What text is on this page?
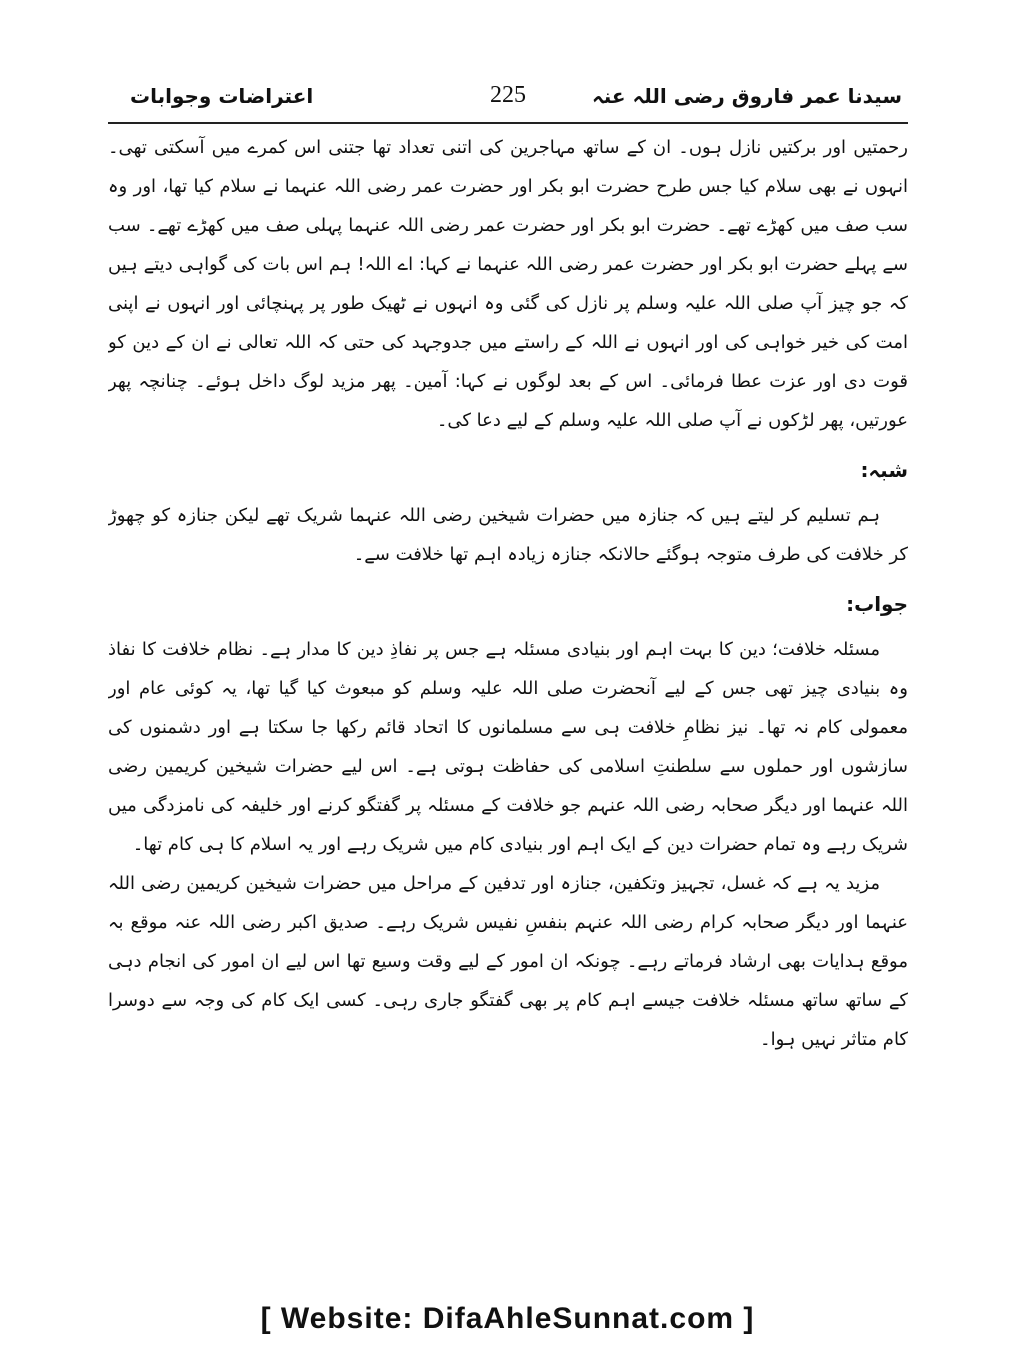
سیدنا عمر فاروق رضی اللہ عنہ
225
اعتراضات وجوابات

رحمتیں اور برکتیں نازل ہوں۔ ان کے ساتھ مہاجرین کی اتنی تعداد تھا جتنی اس کمرے میں آسکتی تھی۔ انہوں نے بھی سلام کیا جس طرح حضرت ابو بکر اور حضرت عمر رضی اللہ عنہما نے سلام کیا تھا، اور وہ سب صف میں کھڑے تھے۔ حضرت ابو بکر اور حضرت عمر رضی اللہ عنہما پہلی صف میں کھڑے تھے۔ سب سے پہلے حضرت ابو بکر اور حضرت عمر رضی اللہ عنہما نے کہا: اے اللہ! ہم اس بات کی گواہی دیتے ہیں کہ جو چیز آپ صلی اللہ علیہ وسلم پر نازل کی گئی وہ انہوں نے ٹھیک طور پر پہنچائی اور انہوں نے اپنی امت کی خیر خواہی کی اور انہوں نے اللہ کے راستے میں جدوجہد کی حتی کہ اللہ تعالی نے ان کے دین کو قوت دی اور عزت عطا فرمائی۔ اس کے بعد لوگوں نے کہا: آمین۔ پھر مزید لوگ داخل ہوئے۔ چنانچہ پھر عورتیں، پھر لڑکوں نے آپ صلی اللہ علیہ وسلم کے لیے دعا کی۔

شبہ:

ہم تسلیم کر لیتے ہیں کہ جنازہ میں حضرات شیخین رضی اللہ عنہما شریک تھے لیکن جنازہ کو چھوڑ کر خلافت کی طرف متوجہ ہوگئے حالانکہ جنازہ زیادہ اہم تھا خلافت سے۔

جواب:

مسئلہ خلافت؛ دین کا بہت اہم اور بنیادی مسئلہ ہے جس پر نفاذِ دین کا مدار ہے۔ نظام خلافت کا نفاذ وہ بنیادی چیز تھی جس کے لیے آنحضرت صلی اللہ علیہ وسلم کو مبعوث کیا گیا تھا، یہ کوئی عام اور معمولی کام نہ تھا۔ نیز نظامِ خلافت ہی سے مسلمانوں کا اتحاد قائم رکھا جا سکتا ہے اور دشمنوں کی سازشوں اور حملوں سے سلطنتِ اسلامی کی حفاظت ہوتی ہے۔ اس لیے حضرات شیخین کریمین رضی اللہ عنہما اور دیگر صحابہ رضی اللہ عنہم جو خلافت کے مسئلہ پر گفتگو کرنے اور خلیفہ کی نامزدگی میں شریک رہے وہ تمام حضرات دین کے ایک اہم اور بنیادی کام میں شریک رہے اور یہ اسلام کا ہی کام تھا۔

مزید یہ ہے کہ غسل، تجہیز وتکفین، جنازہ اور تدفین کے مراحل میں حضرات شیخین کریمین رضی اللہ عنہما اور دیگر صحابہ کرام رضی اللہ عنہم بنفسِ نفیس شریک رہے۔ صدیق اکبر رضی اللہ عنہ موقع بہ موقع ہدایات بھی ارشاد فرماتے رہے۔ چونکہ ان امور کے لیے وقت وسیع تھا اس لیے ان امور کی انجام دہی کے ساتھ ساتھ مسئلہ خلافت جیسے اہم کام پر بھی گفتگو جاری رہی۔ کسی ایک کام کی وجہ سے دوسرا کام متاثر نہیں ہوا۔

[ Website: DifaAhleSunnat.com ]
